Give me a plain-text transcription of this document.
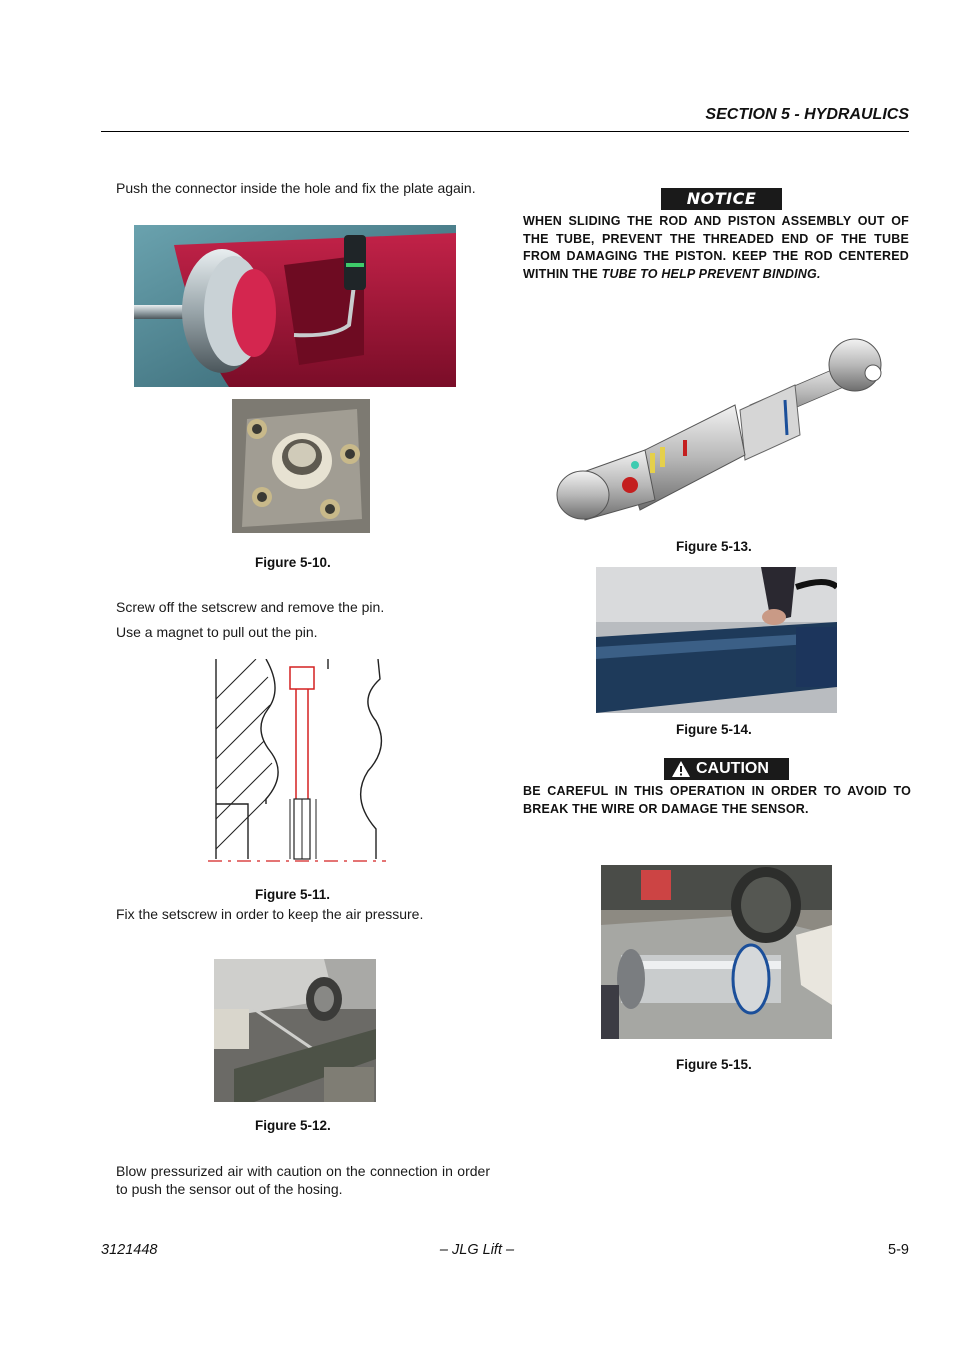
SECTION 5 - HYDRAULICS
Push the connector inside the hole and fix the plate again.
Figure 5-10.
Screw off the setscrew and remove the pin.
Use a magnet to pull out the pin.
Figure 5-11.
Fix the setscrew in order to keep the air pressure.
Figure 5-12.
Blow pressurized air with caution on the connection in order to push the sensor out of the hosing.
NOTICE
WHEN SLIDING THE ROD AND PISTON ASSEMBLY OUT OF THE TUBE, PREVENT THE THREADED END OF THE TUBE FROM DAMAGING THE PISTON. KEEP THE ROD CENTERED WITHIN THE TUBE TO HELP PREVENT BINDING.
Figure 5-13.
Figure 5-14.
CAUTION
BE CAREFUL IN THIS OPERATION IN ORDER TO AVOID TO BREAK THE WIRE OR DAMAGE THE SENSOR.
Figure 5-15.
3121448	– JLG Lift –	5-9
